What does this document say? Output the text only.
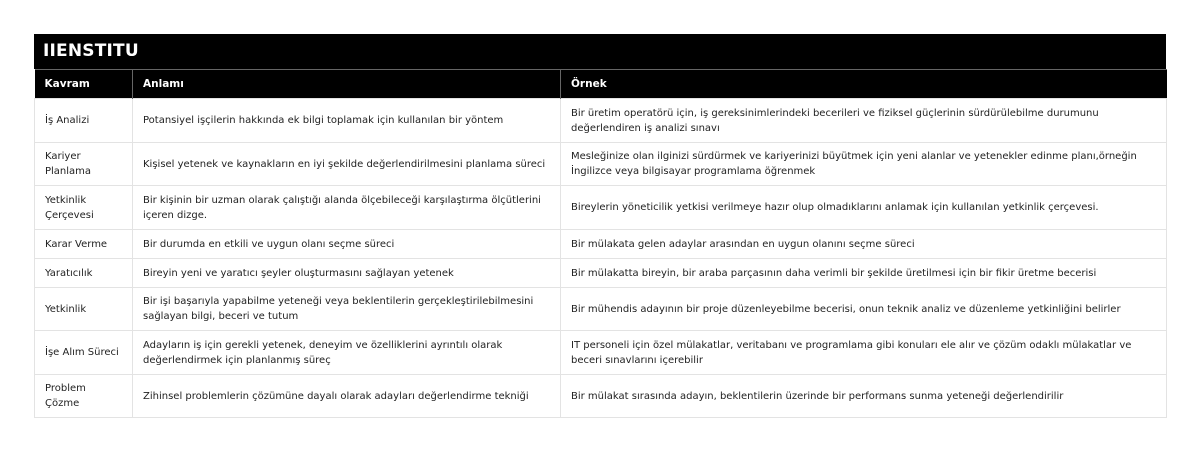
IIENSTITU
Kavram	Anlamı	Örnek
İş Analizi	Potansiyel işçilerin hakkında ek bilgi toplamak için kullanılan bir yöntem	Bir üretim operatörü için, iş gereksinimlerindeki becerileri ve fiziksel güçlerinin sürdürülebilme durumunu değerlendiren iş analizi sınavı
Kariyer Planlama	Kişisel yetenek ve kaynakların en iyi şekilde değerlendirilmesini planlama süreci	Mesleğinize olan ilginizi sürdürmek ve kariyerinizi büyütmek için yeni alanlar ve yetenekler edinme planı,örneğin İngilizce veya bilgisayar programlama öğrenmek
Yetkinlik Çerçevesi	Bir kişinin bir uzman olarak çalıştığı alanda ölçebileceği karşılaştırma ölçütlerini içeren dizge.	Bireylerin yöneticilik yetkisi verilmeye hazır olup olmadıklarını anlamak için kullanılan yetkinlik çerçevesi.
Karar Verme	Bir durumda en etkili ve uygun olanı seçme süreci	Bir mülakata gelen adaylar arasından en uygun olanını seçme süreci
Yaratıcılık	Bireyin yeni ve yaratıcı şeyler oluşturmasını sağlayan yetenek	Bir mülakatta bireyin, bir araba parçasının daha verimli bir şekilde üretilmesi için bir fikir üretme becerisi
Yetkinlik	Bir işi başarıyla yapabilme yeteneği veya beklentilerin gerçekleştirilebilmesini sağlayan bilgi, beceri ve tutum	Bir mühendis adayının bir proje düzenleyebilme becerisi, onun teknik analiz ve düzenleme yetkinliğini belirler
İşe Alım Süreci	Adayların iş için gerekli yetenek, deneyim ve özelliklerini ayrıntılı olarak değerlendirmek için planlanmış süreç	IT personeli için özel mülakatlar, veritabanı ve programlama gibi konuları ele alır ve çözüm odaklı mülakatlar ve beceri sınavlarını içerebilir
Problem Çözme	Zihinsel problemlerin çözümüne dayalı olarak adayları değerlendirme tekniği	Bir mülakat sırasında adayın, beklentilerin üzerinde bir performans sunma yeteneği değerlendirilir
